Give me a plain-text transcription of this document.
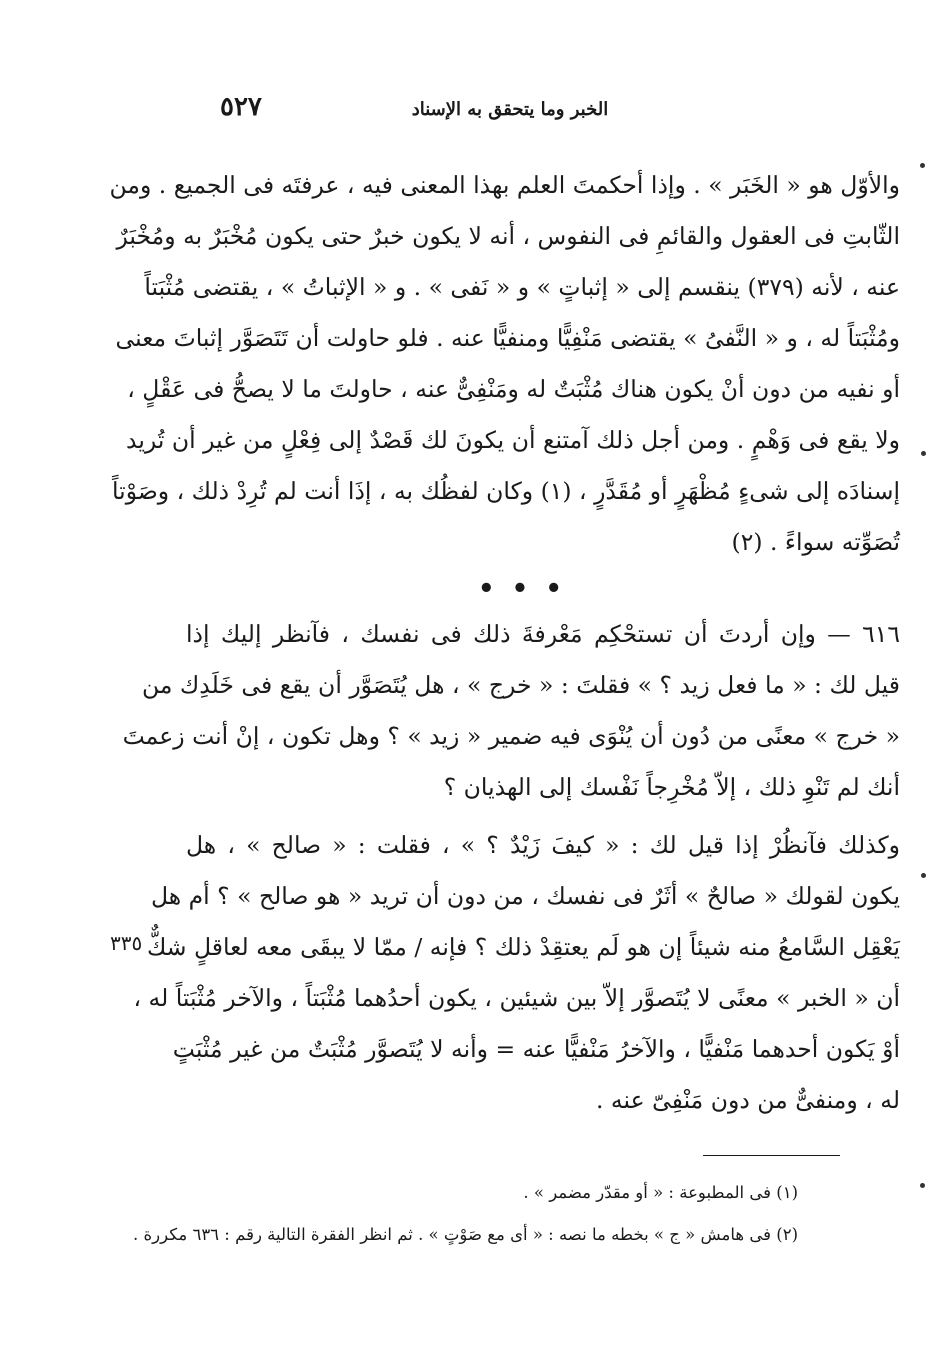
الخبر وما يتحقق به الإسناد
٥٢٧
والأوّل هو « الخَبَر » . وإذا أحكمتَ العلم بهذا المعنى فيه ، عرفتَه فى الجميع . ومن
الثّابتِ فى العقول والقائمِ فى النفوس ، أنه لا يكون خبرٌ حتى يكون مُخْبَرٌ به ومُخْبَرٌ
عنه ، لأنه (٣٧٩) ينقسم إلى « إثباتٍ » و « نَفى » . و « الإثباتُ » ، يقتضى مُثْبَتاً
ومُثْبَتاً له ، و « النَّفىُ » يقتضى مَنْفِيًّا ومنفيًّا عنه . فلو حاولت أن تَتَصَوَّر إثباتَ معنى
أو نفيه من دون أنْ يكون هناك مُثْبَتٌ له ومَنْفِىٌّ عنه ، حاولتَ ما لا يصحُّ فى عَقْلٍ ،
ولا يقع فى وَهْمٍ . ومن أجل ذلك آمتنع أن يكونَ لك قَصْدٌ إلى فِعْلٍ من غير أن تُريد
إسنادَه إلى شىءٍ مُظْهَرٍ أو مُقَدَّرٍ ، (١) وكان لفظُك به ، إذَا أنت لم تُرِدْ ذلك ، وصَوْتاً
تُصَوِّته سواءً . (٢)
• • •
٦١٦ — وإن أردتَ أن تستحْكِم مَعْرفةَ ذلك فى نفسك ، فآنظر إليك إذا
قيل لك : « ما فعل زيد ؟ » فقلتَ : « خرج » ، هل يُتَصَوَّر أن يقع فى خَلَدِك من
« خرج » معنًى من دُون أن يُنْوَى فيه ضمير « زيد » ؟ وهل تكون ، إنْ أنت زعمتَ
أنك لم تَنْوِ ذلك ، إلاّ مُخْرِجاً نَفْسك إلى الهذيان ؟
وكذلك فآنظُرْ إذا قيل لك : « كيفَ زَيْدٌ ؟ » ، فقلت : « صالح » ، هل
يكون لقولك « صالحٌ » أثَرٌ فى نفسك ، من دون أن تريد « هو صالح » ؟ أم هل
يَعْقِل السَّامعُ منه شيئاً إن هو لَم يعتقِدْ ذلك ؟ فإنه / ممّا لا يبقَى معه لعاقلٍ شكٌّ
أن « الخبر » معنًى لا يُتَصوَّر إلاّ بين شيئين ، يكون أحدُهما مُثْبَتاً ، والآخر مُثْبَتاً له ،
أوْ يَكون أحدهما مَنْفيًّا ، والآخرُ مَنْفيًّا عنه = وأنه لا يُتَصوَّر مُثْبَتٌ من غير مُثْبَتٍ
له ، ومنفىٌّ من دون مَنْفِىّ عنه .
٣٣٥
(١) فى المطبوعة : « أو مقدّر مضمر » .
(٢) فى هامش « ج » بخطه ما نصه : « أى مع صَوْتٍ » . ثم انظر الفقرة التالية رقم : ٦٣٦ مكررة .
